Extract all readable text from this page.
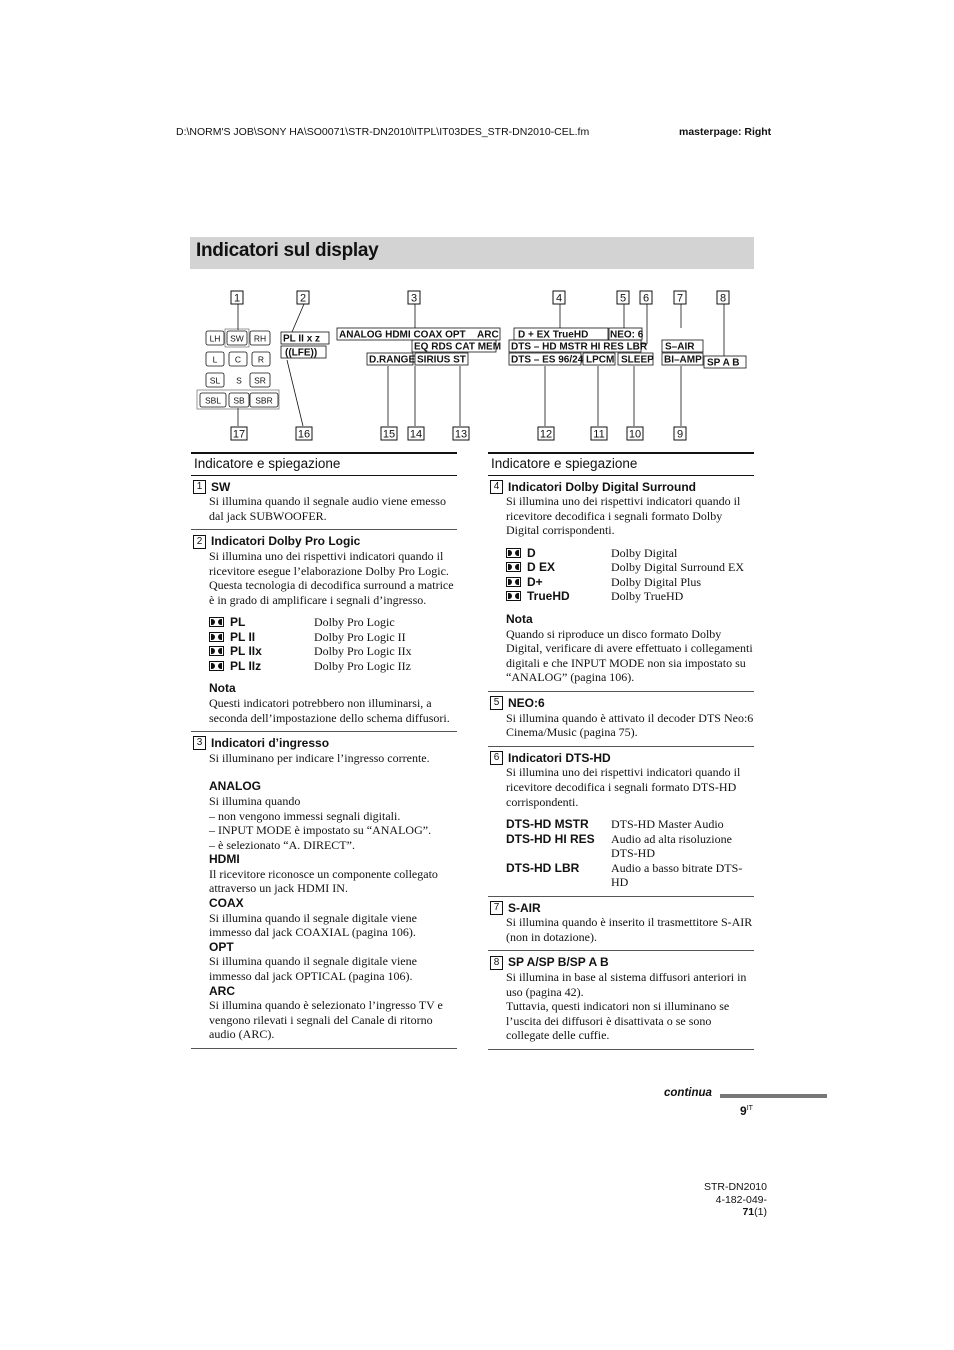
D:\NORM'S JOB\SONY HA\SO0071\STR-DN2010\ITPL\IT03DES_STR-DN2010-CEL.fm	masterpage: Right
Indicatori sul display
1	2	3	4	5 6	7	8
17	16	15 14	13	12	11 10	9
LH SW RH
L C R
SL S SR
SBL SB SBR
PL II x z
((LFE))
ANALOG HDMI COAX OPT ARC
EQ RDS CAT MEM
D.RANGE SIRIUS ST
D + EX TrueHD NEO: 6
DTS – HD MSTR HI RES LBR
DTS – ES 96/24 LPCM SLEEP
S–AIR
BI–AMP SP A B
Indicatore e spiegazione
1 SW
Si illumina quando il segnale audio viene emesso dal jack SUBWOOFER.
2 Indicatori Dolby Pro Logic
Si illumina uno dei rispettivi indicatori quando il ricevitore esegue l’elaborazione Dolby Pro Logic. Questa tecnologia di decodifica surround a matrice è in grado di amplificare i segnali d’ingresso.
PL	Dolby Pro Logic
PL II	Dolby Pro Logic II
PL IIx	Dolby Pro Logic IIx
PL IIz	Dolby Pro Logic IIz
Nota
Questi indicatori potrebbero non illuminarsi, a seconda dell’impostazione dello schema diffusori.
3 Indicatori d’ingresso
Si illuminano per indicare l’ingresso corrente.
ANALOG
Si illumina quando
– non vengono immessi segnali digitali.
– INPUT MODE è impostato su “ANALOG”.
– è selezionato “A. DIRECT”.
HDMI
Il ricevitore riconosce un componente collegato attraverso un jack HDMI IN.
COAX
Si illumina quando il segnale digitale viene immesso dal jack COAXIAL (pagina 106).
OPT
Si illumina quando il segnale digitale viene immesso dal jack OPTICAL (pagina 106).
ARC
Si illumina quando è selezionato l’ingresso TV e vengono rilevati i segnali del Canale di ritorno audio (ARC).
Indicatore e spiegazione
4 Indicatori Dolby Digital Surround
Si illumina uno dei rispettivi indicatori quando il ricevitore decodifica i segnali formato Dolby Digital corrispondenti.
D	Dolby Digital
D EX	Dolby Digital Surround EX
D+	Dolby Digital Plus
TrueHD	Dolby TrueHD
Nota
Quando si riproduce un disco formato Dolby Digital, verificare di avere effettuato i collegamenti digitali e che INPUT MODE non sia impostato su “ANALOG” (pagina 106).
5 NEO:6
Si illumina quando è attivato il decoder DTS Neo:6 Cinema/Music (pagina 75).
6 Indicatori DTS-HD
Si illumina uno dei rispettivi indicatori quando il ricevitore decodifica i segnali formato DTS-HD corrispondenti.
DTS-HD MSTR	DTS-HD Master Audio
DTS-HD HI RES	Audio ad alta risoluzione DTS-HD
DTS-HD LBR	Audio a basso bitrate DTS-HD
7 S-AIR
Si illumina quando è inserito il trasmettitore S-AIR (non in dotazione).
8 SP A/SP B/SP A B
Si illumina in base al sistema diffusori anteriori in uso (pagina 42).
Tuttavia, questi indicatori non si illuminano se l’uscita dei diffusori è disattivata o se sono collegate delle cuffie.
continua
$9^{IT}$
STR-DN2010
4-182-049-71(1)
